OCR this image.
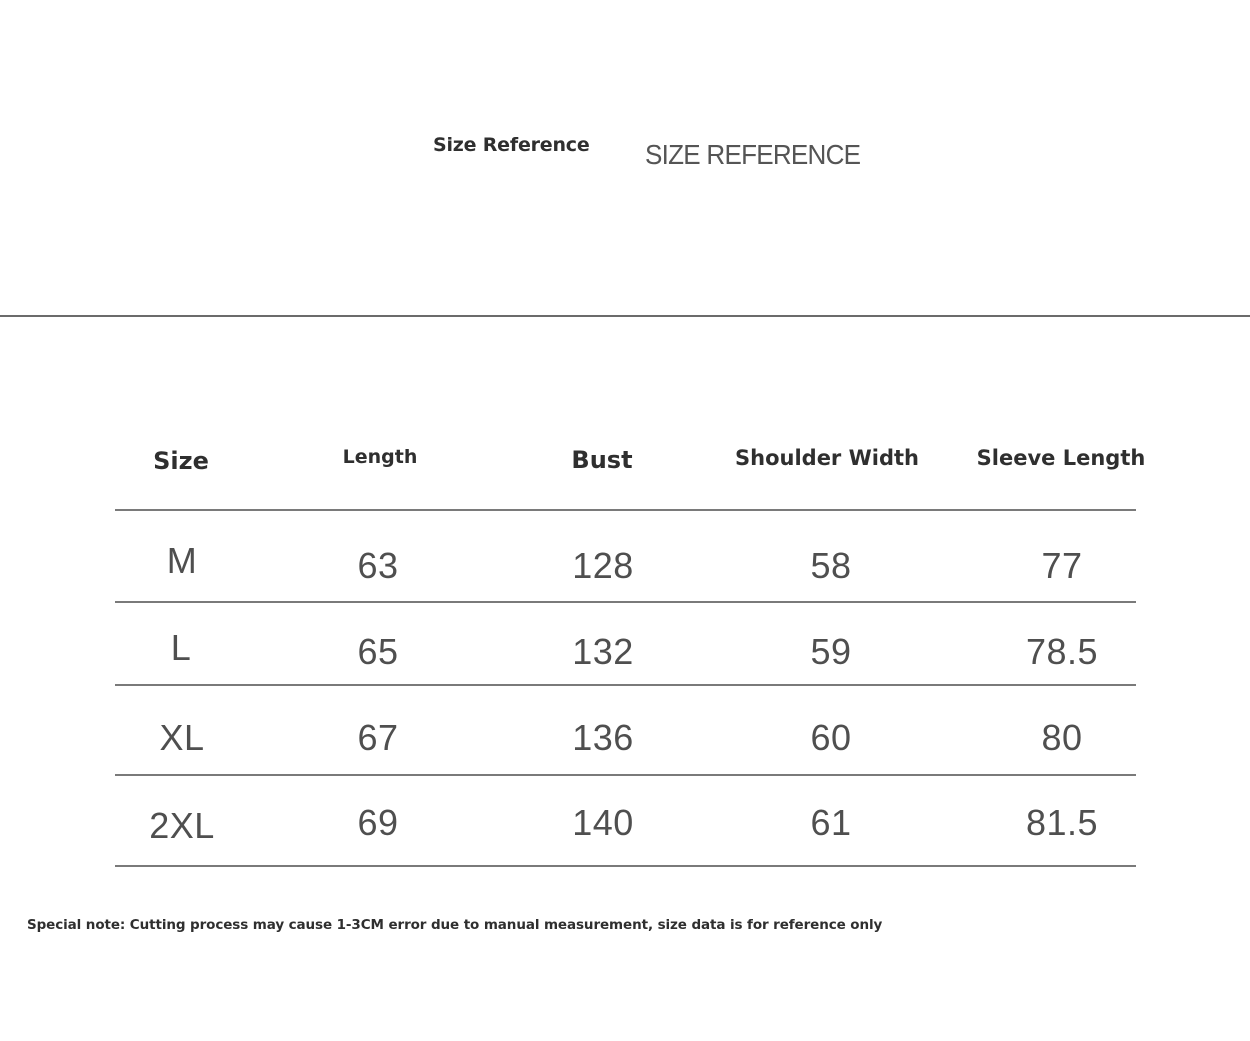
Size Reference SIZE REFERENCE
Size	Length	Bust	Shoulder Width	Sleeve Length
M	63	128	58	77
L	65	132	59	78.5
XL	67	136	60	80
2XL	69	140	61	81.5
Special note: Cutting process may cause 1-3CM error due to manual measurement, size data is for reference only
